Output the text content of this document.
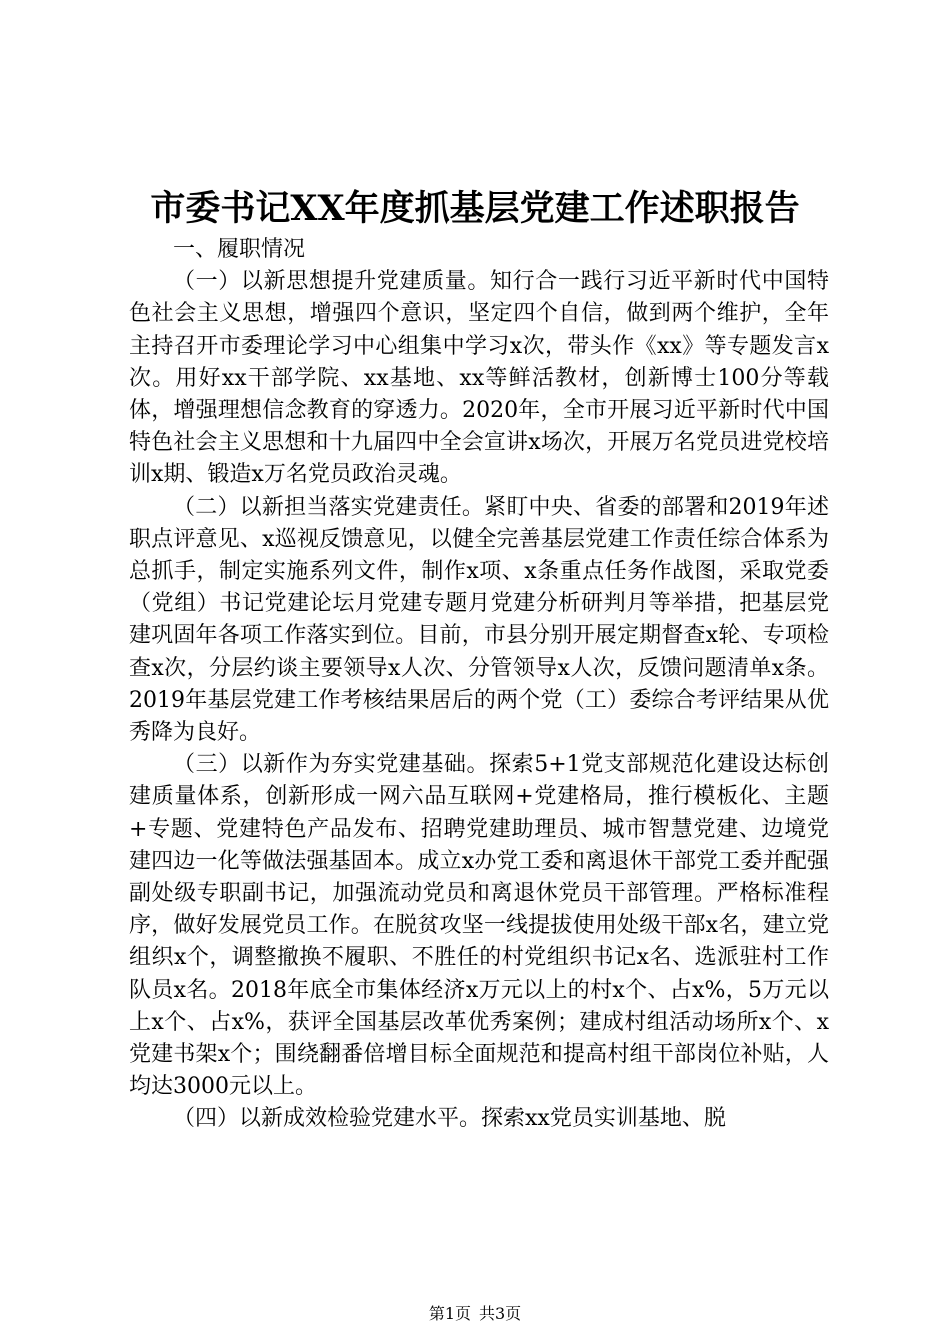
市委书记XX年度抓基层党建工作述职报告

一、履职情况

（一）以新思想提升党建质量。知行合一践行习近平新时代中国特色社会主义思想，增强四个意识，坚定四个自信，做到两个维护，全年主持召开市委理论学习中心组集中学习x次，带头作《xx》等专题发言x次。用好xx干部学院、xx基地、xx等鲜活教材，创新博士100分等载体，增强理想信念教育的穿透力。2020年，全市开展习近平新时代中国特色社会主义思想和十九届四中全会宣讲x场次，开展万名党员进党校培训x期、锻造x万名党员政治灵魂。

（二）以新担当落实党建责任。紧盯中央、省委的部署和2019年述职点评意见、x巡视反馈意见，以健全完善基层党建工作责任综合体系为总抓手，制定实施系列文件，制作x项、x条重点任务作战图，采取党委（党组）书记党建论坛月党建专题月党建分析研判月等举措，把基层党建巩固年各项工作落实到位。目前，市县分别开展定期督查x轮、专项检查x次，分层约谈主要领导x人次、分管领导x人次，反馈问题清单x条。2019年基层党建工作考核结果居后的两个党（工）委综合考评结果从优秀降为良好。

（三）以新作为夯实党建基础。探索5+1党支部规范化建设达标创建质量体系，创新形成一网六品互联网+党建格局，推行模板化、主题+专题、党建特色产品发布、招聘党建助理员、城市智慧党建、边境党建四边一化等做法强基固本。成立x办党工委和离退休干部党工委并配强副处级专职副书记，加强流动党员和离退休党员干部管理。严格标准程序，做好发展党员工作。在脱贫攻坚一线提拔使用处级干部x名，建立党组织x个，调整撤换不履职、不胜任的村党组织书记x名、选派驻村工作队员x名。2018年底全市集体经济x万元以上的村x个、占x%，5万元以上x个、占x%，获评全国基层改革优秀案例；建成村组活动场所x个、x党建书架x个；围绕翻番倍增目标全面规范和提高村组干部岗位补贴，人均达3000元以上。

（四）以新成效检验党建水平。探索xx党员实训基地、脱

第1页 共3页
